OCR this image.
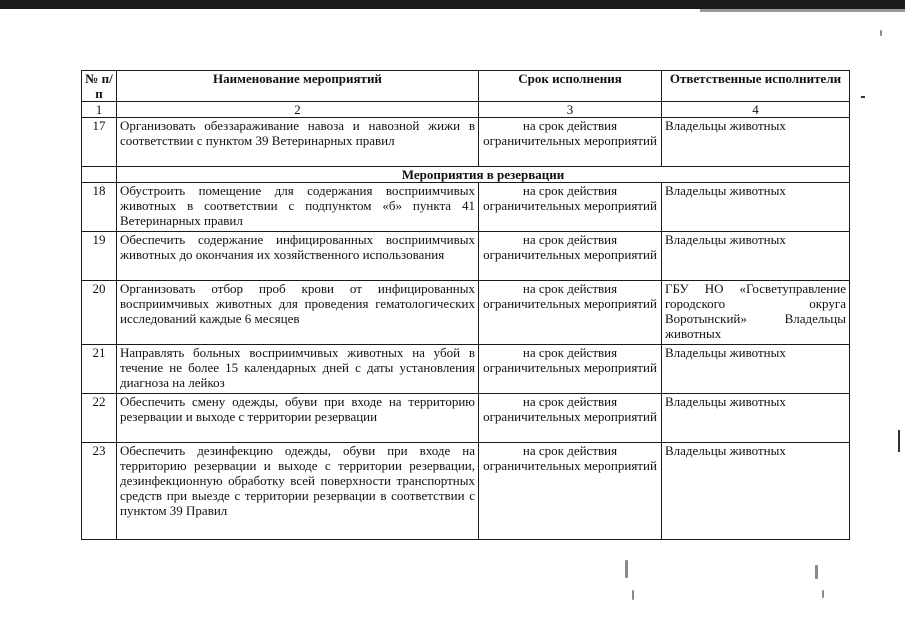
№ п/п	Наименование мероприятий	Срок исполнения	Ответственные исполнители
1	2	3	4
17	Организовать обеззараживание навоза и навозной жижи в соответствии с пунктом 39 Ветеринарных правил	на срок действия ограничительных мероприятий	Владельцы животных
	Мероприятия в резервации		
18	Обустроить помещение для содержания восприимчивых животных в соответствии с подпунктом «б» пункта 41 Ветеринарных правил	на срок действия ограничительных мероприятий	Владельцы животных
19	Обеспечить содержание инфицированных восприимчивых животных до окончания их хозяйственного использования	на срок действия ограничительных мероприятий	Владельцы животных
20	Организовать отбор проб крови от инфицированных восприимчивых животных для проведения гематологических исследований каждые 6 месяцев	на срок действия ограничительных мероприятий	ГБУ НО «Госветуправление городского округа Воротынский» Владельцы животных
21	Направлять больных восприимчивых животных на убой в течение не более 15 календарных дней с даты установления диагноза на лейкоз	на срок действия ограничительных мероприятий	Владельцы животных
22	Обеспечить смену одежды, обуви при входе на территорию резервации и выходе с территории резервации	на срок действия ограничительных мероприятий	Владельцы животных
23	Обеспечить дезинфекцию одежды, обуви при входе на территорию резервации и выходе с территории резервации, дезинфекционную обработку всей поверхности транспортных средств при выезде с территории резервации в соответствии с пунктом 39 Правил	на срок действия ограничительных мероприятий	Владельцы животных
